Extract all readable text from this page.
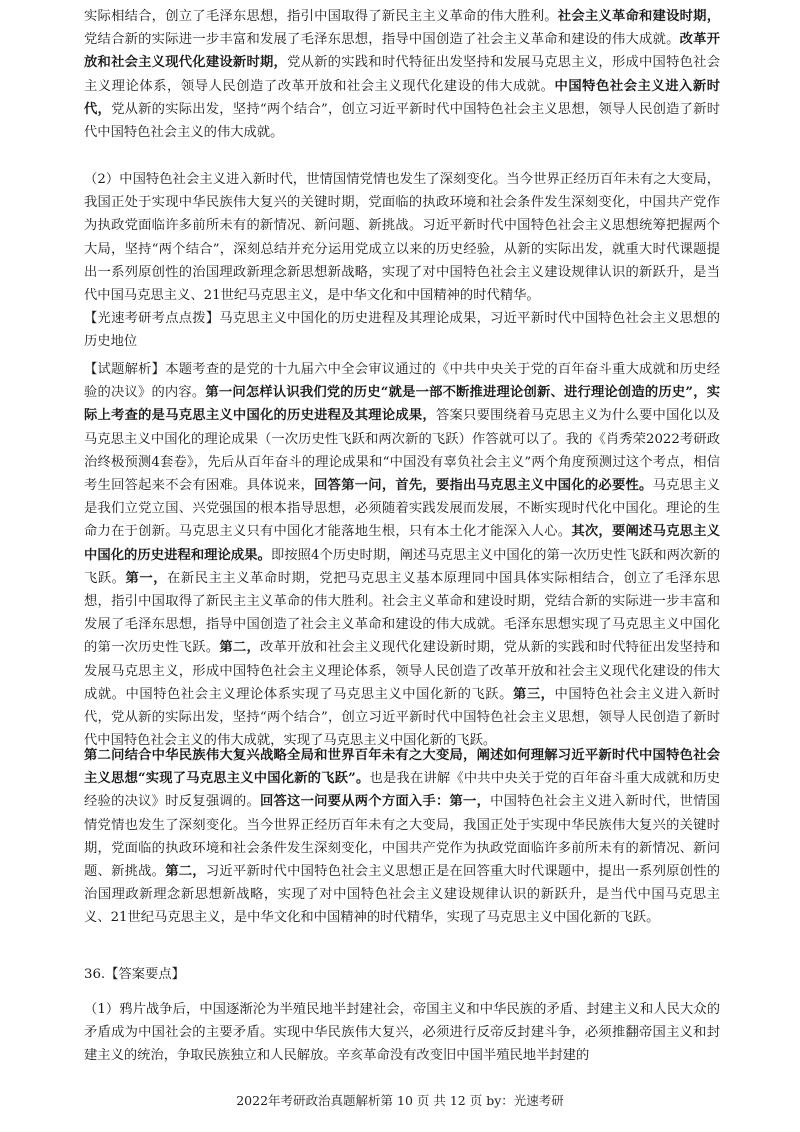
实际相结合，创立了毛泽东思想，指引中国取得了新民主主义革命的伟大胜利。社会主义革命和建设时期，党结合新的实际进一步丰富和发展了毛泽东思想，指导中国创造了社会主义革命和建设的伟大成就。改革开放和社会主义现代化建设新时期，党从新的实践和时代特征出发坚持和发展马克思主义，形成中国特色社会主义理论体系，领导人民创造了改革开放和社会主义现代化建设的伟大成就。中国特色社会主义进入新时代，党从新的实际出发，坚持“两个结合”，创立习近平新时代中国特色社会主义思想，领导人民创造了新时代中国特色社会主义的伟大成就。

（2）中国特色社会主义进入新时代，世情国情党情也发生了深刻变化。当今世界正经历百年未有之大变局，我国正处于实现中华民族伟大复兴的关键时期，党面临的执政环境和社会条件发生深刻变化，中国共产党作为执政党面临许多前所未有的新情况、新问题、新挑战。习近平新时代中国特色社会主义思想统筹把握两个大局，坚持“两个结合”，深刻总结并充分运用党成立以来的历史经验，从新的实际出发，就重大时代课题提出一系列原创性的治国理政新理念新思想新战略，实现了对中国特色社会主义建设规律认识的新跃升，是当代中国马克思主义、21世纪马克思主义，是中华文化和中国精神的时代精华。

【光速考研考点点拨】马克思主义中国化的历史进程及其理论成果，习近平新时代中国特色社会主义思想的历史地位

【试题解析】本题考查的是党的十九届六中全会审议通过的《中共中央关于党的百年奋斗重大成就和历史经验的决议》的内容。第一问怎样认识我们党的历史“就是一部不断推进理论创新、进行理论创造的历史”，实际上考查的是马克思主义中国化的历史进程及其理论成果，答案只要围绕着马克思主义为什么要中国化以及马克思主义中国化的理论成果（一次历史性飞跃和两次新的飞跃）作答就可以了。我的《肖秀荣2022考研政治终极预测4套卷》，先后从百年奋斗的理论成果和“中国没有辜负社会主义”两个角度预测过这个考点，相信考生回答起来不会有困难。具体说来，回答第一问，首先，要指出马克思主义中国化的必要性。马克思主义是我们立党立国、兴党强国的根本指导思想，必须随着实践发展而发展，不断实现时代化中国化。理论的生命力在于创新。马克思主义只有中国化才能落地生根，只有本土化才能深入人心。其次，要阐述马克思主义中国化的历史进程和理论成果。即按照4个历史时期，阐述马克思主义中国化的第一次历史性飞跃和两次新的飞跃。第一，在新民主主义革命时期，党把马克思主义基本原理同中国具体实际相结合，创立了毛泽东思想，指引中国取得了新民主主义革命的伟大胜利。社会主义革命和建设时期，党结合新的实际进一步丰富和发展了毛泽东思想，指导中国创造了社会主义革命和建设的伟大成就。毛泽东思想实现了马克思主义中国化的第一次历史性飞跃。第二，改革开放和社会主义现代化建设新时期，党从新的实践和时代特征出发坚持和发展马克思主义，形成中国特色社会主义理论体系，领导人民创造了改革开放和社会主义现代化建设的伟大成就。中国特色社会主义理论体系实现了马克思主义中国化新的飞跃。第三，中国特色社会主义进入新时代，党从新的实际出发，坚持“两个结合”，创立习近平新时代中国特色社会主义思想，领导人民创造了新时代中国特色社会主义的伟大成就，实现了马克思主义中国化新的飞跃。

第二问结合中华民族伟大复兴战略全局和世界百年未有之大变局，阐述如何理解习近平新时代中国特色社会主义思想“实现了马克思主义中国化新的飞跃”。也是我在讲解《中共中央关于党的百年奋斗重大成就和历史经验的决议》时反复强调的。回答这一问要从两个方面入手：第一，中国特色社会主义进入新时代，世情国情党情也发生了深刻变化。当今世界正经历百年未有之大变局，我国正处于实现中华民族伟大复兴的关键时期，党面临的执政环境和社会条件发生深刻变化，中国共产党作为执政党面临许多前所未有的新情况、新问题、新挑战。第二，习近平新时代中国特色社会主义思想正是在回答重大时代课题中，提出一系列原创性的治国理政新理念新思想新战略，实现了对中国特色社会主义建设规律认识的新跃升，是当代中国马克思主义、21世纪马克思主义，是中华文化和中国精神的时代精华，实现了马克思主义中国化新的飞跃。

36.【答案要点】

（1）鸦片战争后，中国逐渐沦为半殖民地半封建社会，帝国主义和中华民族的矛盾、封建主义和人民大众的矛盾成为中国社会的主要矛盾。实现中华民族伟大复兴，必须进行反帝反封建斗争，必须推翻帝国主义和封建主义的统治，争取民族独立和人民解放。辛亥革命没有改变旧中国半殖民地半封建的

2022年考研政治真题解析第 10 页 共 12 页 by：光速考研
